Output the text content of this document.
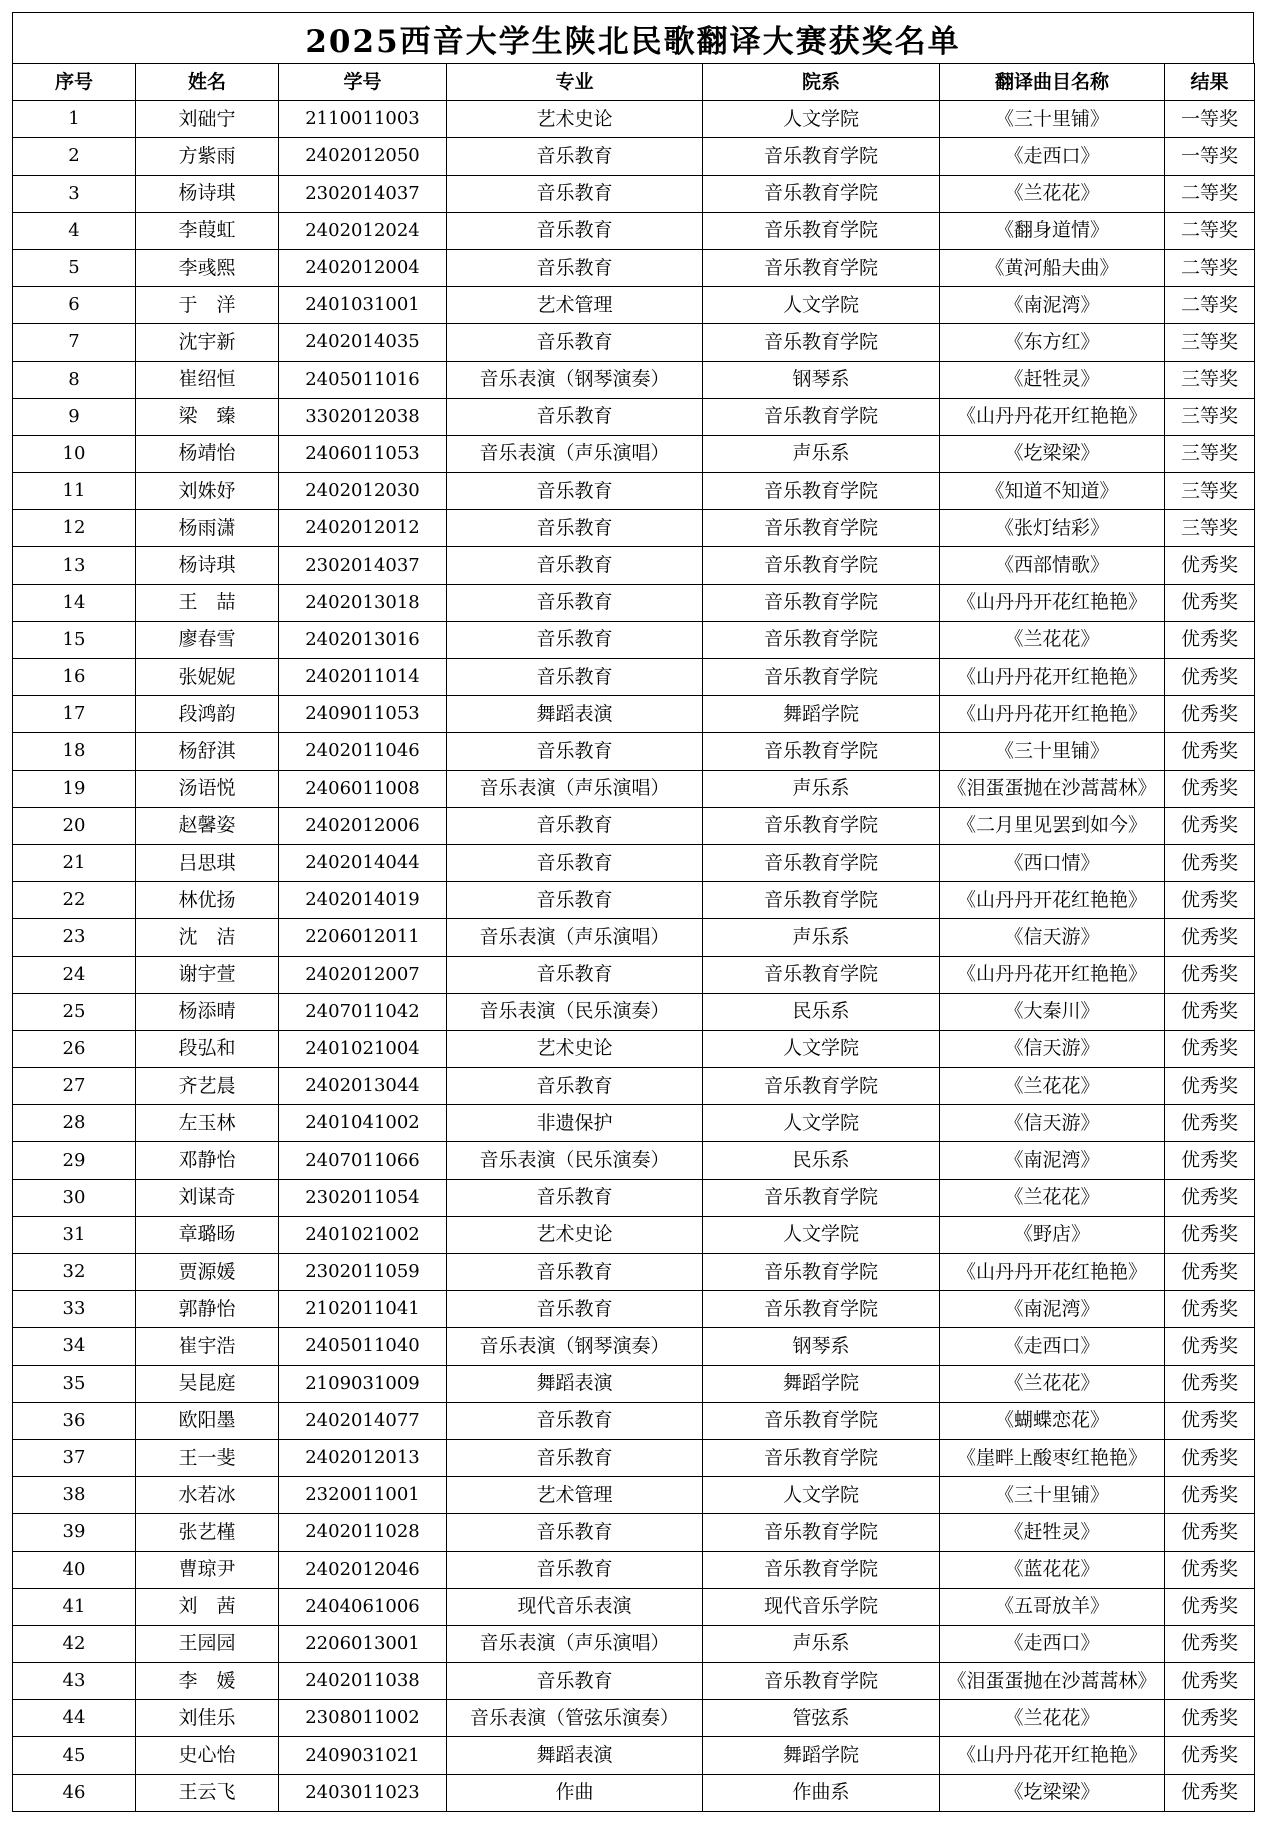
2025西音大学生陕北民歌翻译大赛获奖名单
序号	姓名	学号	专业	院系	翻译曲目名称	结果
1	刘础宁	2110011003	艺术史论	人文学院	《三十里铺》	一等奖
2	方紫雨	2402012050	音乐教育	音乐教育学院	《走西口》	一等奖
3	杨诗琪	2302014037	音乐教育	音乐教育学院	《兰花花》	二等奖
4	李葭虹	2402012024	音乐教育	音乐教育学院	《翻身道情》	二等奖
5	李彧熙	2402012004	音乐教育	音乐教育学院	《黄河船夫曲》	二等奖
6	于　洋	2401031001	艺术管理	人文学院	《南泥湾》	二等奖
7	沈宇新	2402014035	音乐教育	音乐教育学院	《东方红》	三等奖
8	崔绍恒	2405011016	音乐表演（钢琴演奏）	钢琴系	《赶牲灵》	三等奖
9	梁　臻	3302012038	音乐教育	音乐教育学院	《山丹丹花开红艳艳》	三等奖
10	杨靖怡	2406011053	音乐表演（声乐演唱）	声乐系	《圪梁梁》	三等奖
11	刘姝妤	2402012030	音乐教育	音乐教育学院	《知道不知道》	三等奖
12	杨雨潇	2402012012	音乐教育	音乐教育学院	《张灯结彩》	三等奖
13	杨诗琪	2302014037	音乐教育	音乐教育学院	《西部情歌》	优秀奖
14	王　喆	2402013018	音乐教育	音乐教育学院	《山丹丹开花红艳艳》	优秀奖
15	廖春雪	2402013016	音乐教育	音乐教育学院	《兰花花》	优秀奖
16	张妮妮	2402011014	音乐教育	音乐教育学院	《山丹丹花开红艳艳》	优秀奖
17	段鸿韵	2409011053	舞蹈表演	舞蹈学院	《山丹丹花开红艳艳》	优秀奖
18	杨舒淇	2402011046	音乐教育	音乐教育学院	《三十里铺》	优秀奖
19	汤语悦	2406011008	音乐表演（声乐演唱）	声乐系	《泪蛋蛋抛在沙蒿蒿林》	优秀奖
20	赵馨姿	2402012006	音乐教育	音乐教育学院	《二月里见罢到如今》	优秀奖
21	吕思琪	2402014044	音乐教育	音乐教育学院	《西口情》	优秀奖
22	林优扬	2402014019	音乐教育	音乐教育学院	《山丹丹开花红艳艳》	优秀奖
23	沈　洁	2206012011	音乐表演（声乐演唱）	声乐系	《信天游》	优秀奖
24	谢宇萱	2402012007	音乐教育	音乐教育学院	《山丹丹花开红艳艳》	优秀奖
25	杨添晴	2407011042	音乐表演（民乐演奏）	民乐系	《大秦川》	优秀奖
26	段弘和	2401021004	艺术史论	人文学院	《信天游》	优秀奖
27	齐艺晨	2402013044	音乐教育	音乐教育学院	《兰花花》	优秀奖
28	左玉林	2401041002	非遗保护	人文学院	《信天游》	优秀奖
29	邓静怡	2407011066	音乐表演（民乐演奏）	民乐系	《南泥湾》	优秀奖
30	刘谋奇	2302011054	音乐教育	音乐教育学院	《兰花花》	优秀奖
31	章璐旸	2401021002	艺术史论	人文学院	《野店》	优秀奖
32	贾源媛	2302011059	音乐教育	音乐教育学院	《山丹丹开花红艳艳》	优秀奖
33	郭静怡	2102011041	音乐教育	音乐教育学院	《南泥湾》	优秀奖
34	崔宇浩	2405011040	音乐表演（钢琴演奏）	钢琴系	《走西口》	优秀奖
35	吴昆庭	2109031009	舞蹈表演	舞蹈学院	《兰花花》	优秀奖
36	欧阳墨	2402014077	音乐教育	音乐教育学院	《蝴蝶恋花》	优秀奖
37	王一斐	2402012013	音乐教育	音乐教育学院	《崖畔上酸枣红艳艳》	优秀奖
38	水若冰	2320011001	艺术管理	人文学院	《三十里铺》	优秀奖
39	张艺槿	2402011028	音乐教育	音乐教育学院	《赶牲灵》	优秀奖
40	曹琼尹	2402012046	音乐教育	音乐教育学院	《蓝花花》	优秀奖
41	刘　茜	2404061006	现代音乐表演	现代音乐学院	《五哥放羊》	优秀奖
42	王园园	2206013001	音乐表演（声乐演唱）	声乐系	《走西口》	优秀奖
43	李　媛	2402011038	音乐教育	音乐教育学院	《泪蛋蛋抛在沙蒿蒿林》	优秀奖
44	刘佳乐	2308011002	音乐表演（管弦乐演奏）	管弦系	《兰花花》	优秀奖
45	史心怡	2409031021	舞蹈表演	舞蹈学院	《山丹丹花开红艳艳》	优秀奖
46	王云飞	2403011023	作曲	作曲系	《圪梁梁》	优秀奖
